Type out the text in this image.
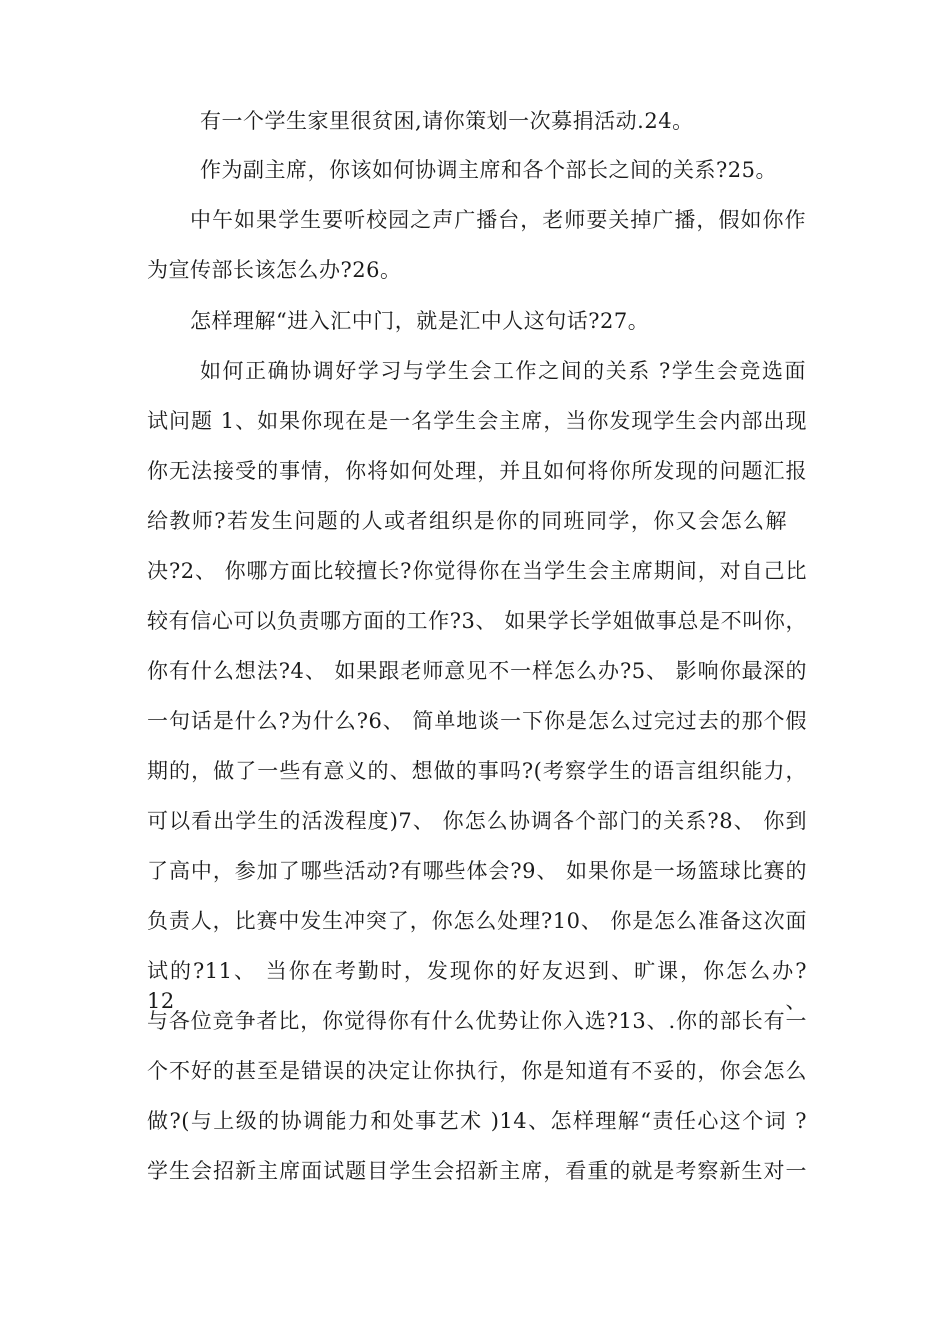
有一个学生家里很贫困,请你策划一次募捐活动.24。
作为副主席，你该如何协调主席和各个部长之间的关系?25。
中午如果学生要听校园之声广播台，老师要关掉广播，假如你作
为宣传部长该怎么办?26。
怎样理解“进入汇中门，就是汇中人这句话?27。
如何正确协调好学习与学生会工作之间的关系 ?学生会竞选面
试问题 1、如果你现在是一名学生会主席，当你发现学生会内部出现
你无法接受的事情，你将如何处理，并且如何将你所发现的问题汇报
给教师?若发生问题的人或者组织是你的同班同学，你又会怎么解
决?2、 你哪方面比较擅长?你觉得你在当学生会主席期间，对自己比
较有信心可以负责哪方面的工作?3、 如果学长学姐做事总是不叫你，
你有什么想法?4、 如果跟老师意见不一样怎么办?5、 影响你最深的
一句话是什么?为什么?6、 简单地谈一下你是怎么过完过去的那个假
期的，做了一些有意义的、想做的事吗?(考察学生的语言组织能力，
可以看出学生的活泼程度)7、 你怎么协调各个部门的关系?8、 你到
了高中，参加了哪些活动?有哪些体会?9、 如果你是一场篮球比赛的
负责人，比赛中发生冲突了，你怎么处理?10、 你是怎么准备这次面
试的?11、 当你在考勤时，发现你的好友迟到、旷课，你怎么办?12、
与各位竞争者比，你觉得你有什么优势让你入选?13、.你的部长有一
个不好的甚至是错误的决定让你执行，你是知道有不妥的，你会怎么
做?(与上级的协调能力和处事艺术 )14、怎样理解“责任心这个词 ?
学生会招新主席面试题目学生会招新主席，看重的就是考察新生对一
